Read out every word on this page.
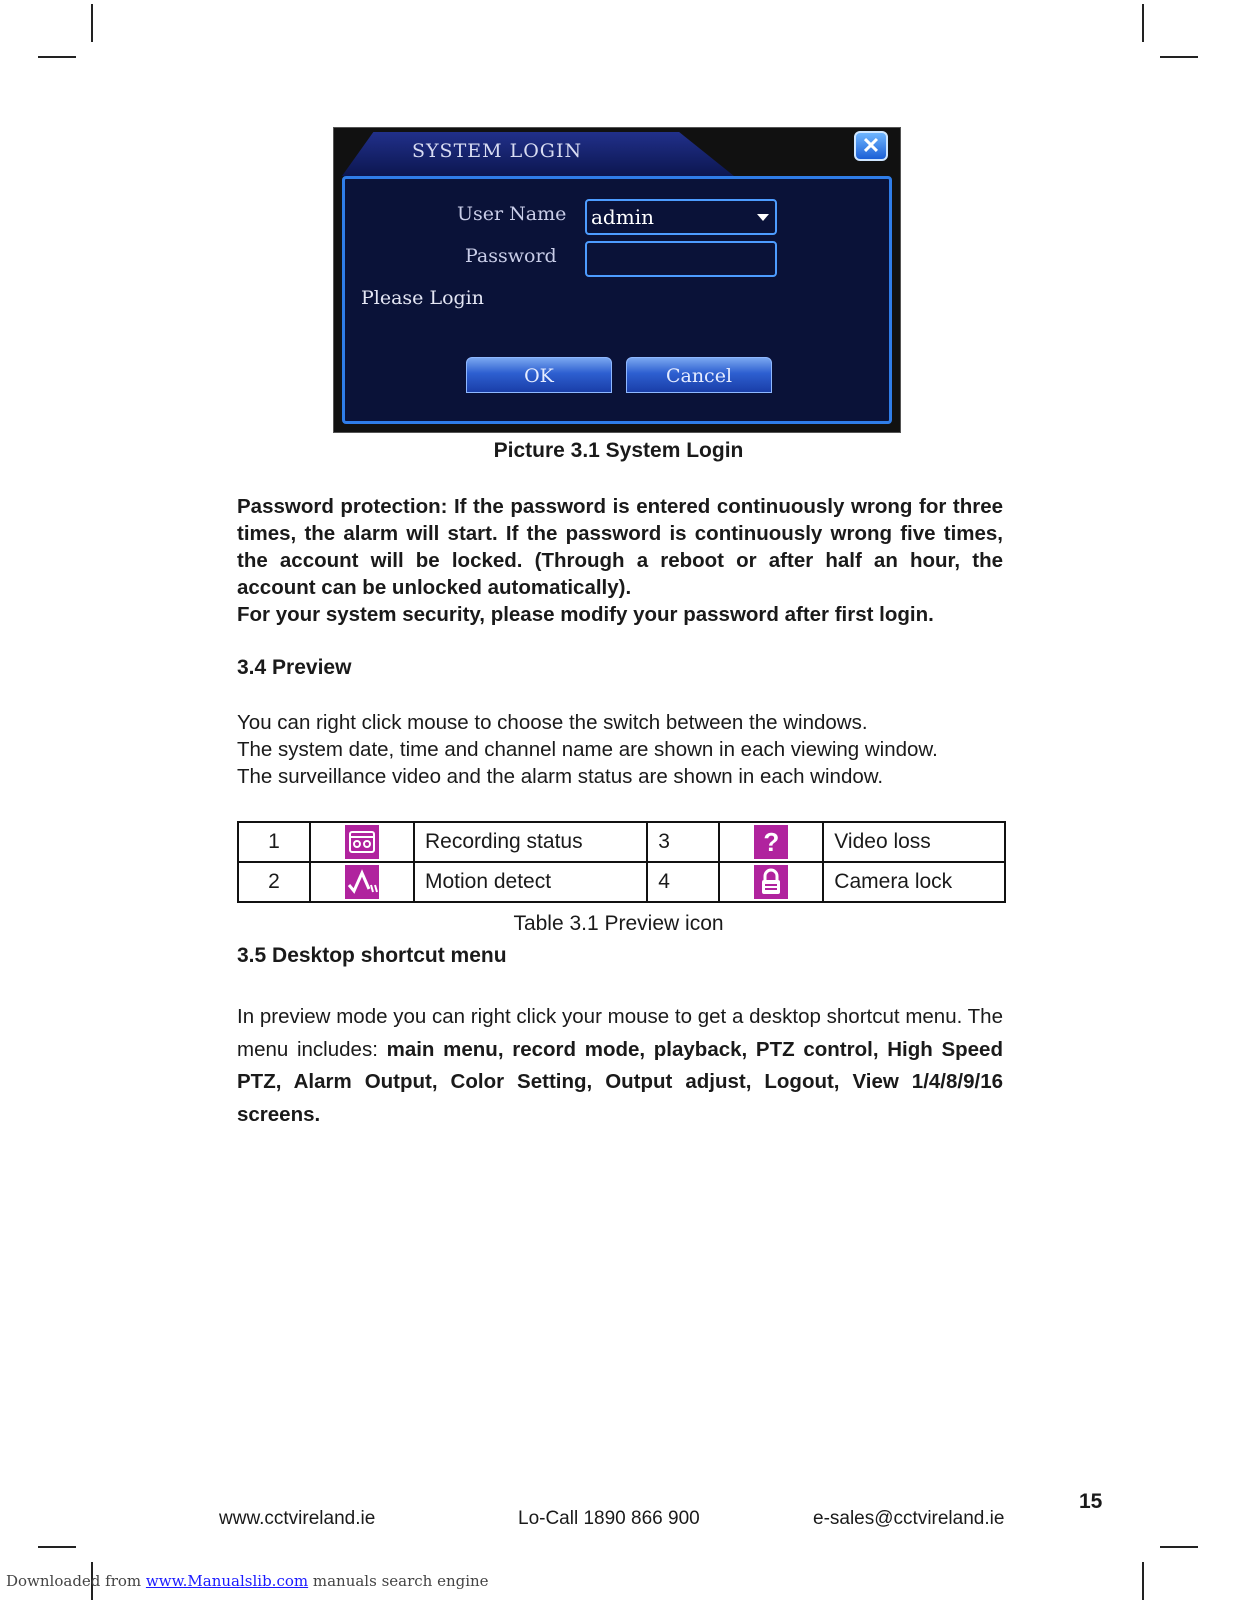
SYSTEM LOGIN	✕
User Name	admin
Password
Please Login
OK	Cancel
Picture 3.1 System Login
Password protection: If the password is entered continuously wrong for three times, the alarm will start. If the password is continuously wrong five times, the account will be locked. (Through a reboot or after half an hour, the account can be unlocked automatically).
For your system security, please modify your password after first login.
3.4 Preview
You can right click mouse to choose the switch between the windows.
The system date, time and channel name are shown in each viewing window.
The surveillance video and the alarm status are shown in each window.
1		Recording status	3	?	Video loss
2		Motion detect	4		Camera lock
Table 3.1 Preview icon
3.5 Desktop shortcut menu
In preview mode you can right click your mouse to get a desktop shortcut menu. The menu includes: main menu, record mode, playback, PTZ control, High Speed PTZ, Alarm Output, Color Setting, Output adjust, Logout, View 1/4/8/9/16 screens.
www.cctvireland.ie	Lo-Call 1890 866 900	e-sales@cctvireland.ie
15
Downloaded from www.Manualslib.com manuals search engine
